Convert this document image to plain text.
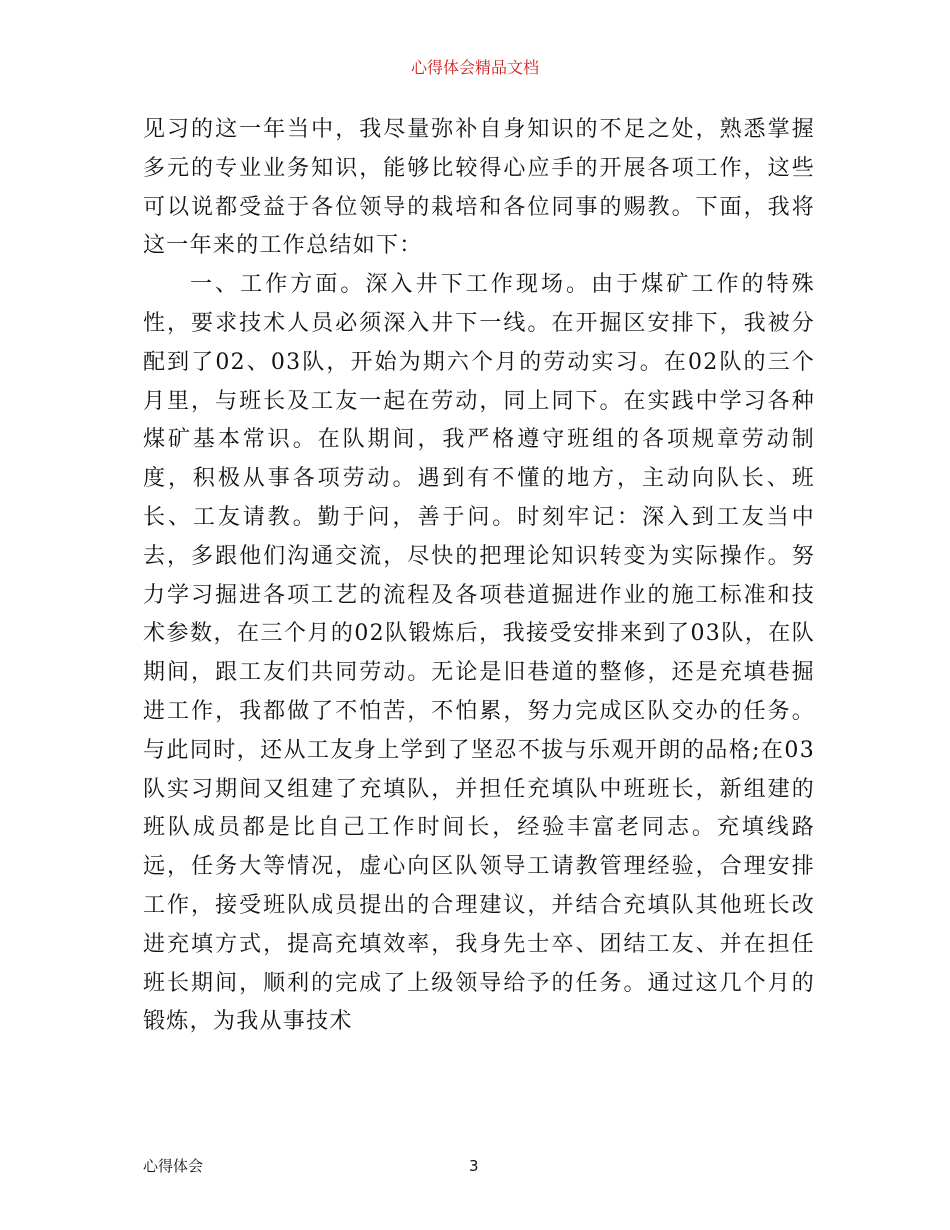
心得体会精品文档

见习的这一年当中，我尽量弥补自身知识的不足之处，熟悉掌握多元的专业业务知识，能够比较得心应手的开展各项工作，这些可以说都受益于各位领导的栽培和各位同事的赐教。下面，我将这一年来的工作总结如下：

一、工作方面。深入井下工作现场。由于煤矿工作的特殊性，要求技术人员必须深入井下一线。在开掘区安排下，我被分配到了02、03队，开始为期六个月的劳动实习。在02队的三个月里，与班长及工友一起在劳动，同上同下。在实践中学习各种煤矿基本常识。在队期间，我严格遵守班组的各项规章劳动制度，积极从事各项劳动。遇到有不懂的地方，主动向队长、班长、工友请教。勤于问，善于问。时刻牢记：深入到工友当中去，多跟他们沟通交流，尽快的把理论知识转变为实际操作。努力学习掘进各项工艺的流程及各项巷道掘进作业的施工标准和技术参数，在三个月的02队锻炼后，我接受安排来到了03队，在队期间，跟工友们共同劳动。无论是旧巷道的整修，还是充填巷掘进工作，我都做了不怕苦，不怕累，努力完成区队交办的任务。与此同时，还从工友身上学到了坚忍不拔与乐观开朗的品格;在03队实习期间又组建了充填队，并担任充填队中班班长，新组建的班队成员都是比自己工作时间长，经验丰富老同志。充填线路远，任务大等情况，虚心向区队领导工请教管理经验，合理安排工作，接受班队成员提出的合理建议，并结合充填队其他班长改进充填方式，提高充填效率，我身先士卒、团结工友、并在担任班长期间，顺利的完成了上级领导给予的任务。通过这几个月的锻炼，为我从事技术

心得体会	3
